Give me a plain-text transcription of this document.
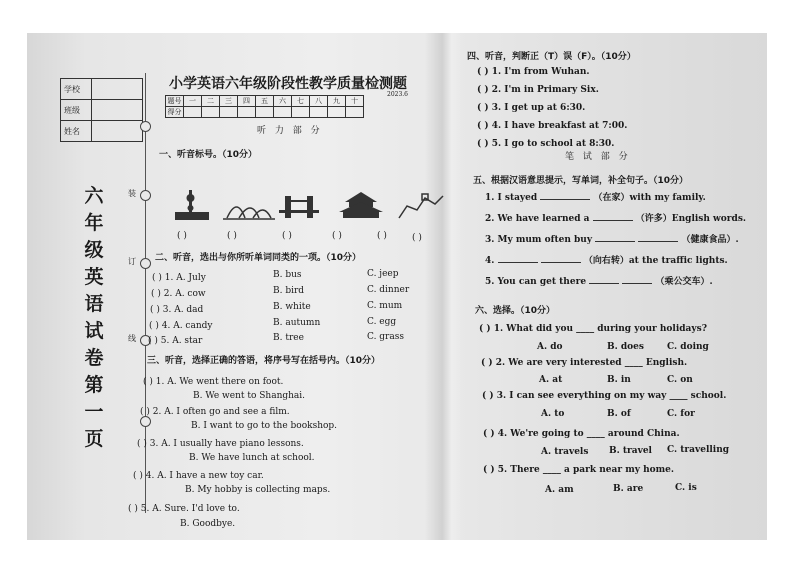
学校	
班级	
姓名	
六
年
级
英
语
试
卷
第
一
页
装
订
线
小学英语六年级阶段性教学质量检测题
2023.6
题号	一	二	三	四	五	六	七	八	九	十
得分										
听 力 部 分
一、听音标号。（10分）
( )	( )	( )	( )	( )	( )
二、听音，选出与你所听单词同类的一项。（10分）
( ) 1. A. July	B. bus	C. jeep
( ) 2. A. cow	B. bird	C. dinner
( ) 3. A. dad	B. white	C. mum
( ) 4. A. candy	B. autumn	C. egg
( ) 5. A. star	B. tree	C. grass
三、听音，选择正确的答语，将序号写在括号内。（10分）
( ) 1. A. We went there on foot.
B. We went to Shanghai.
( ) 2. A. I often go and see a film.
B. I want to go to the bookshop.
( ) 3. A. I usually have piano lessons.
B. We have lunch at school.
( ) 4. A. I have a new toy car.
B. My hobby is collecting maps.
( ) 5. A. Sure. I'd love to.
B. Goodbye.
四、听音，判断正（T）误（F）。（10分）
( ) 1. I'm from Wuhan.
( ) 2. I'm in Primary Six.
( ) 3. I get up at 6:30.
( ) 4. I have breakfast at 7:00.
( ) 5. I go to school at 8:30.
笔 试 部 分
五、根据汉语意思提示，写单词，补全句子。（10分）
1. I stayed	（在家）with my family.
2. We have learned a	（许多）English words.
3. My mum often buy	（健康食品）.
4.	（向右转）at the traffic lights.
5. You can get there	（乘公交车）.
六、选择。（10分）
( ) 1. What did you ____ during your holidays?
A. do	B. does	C. doing
( ) 2. We are very interested ____ English.
A. at	B. in	C. on
( ) 3. I can see everything on my way ____ school.
A. to	B. of	C. for
( ) 4. We're going to ____ around China.
A. travels B. travel C. travelling
( ) 5. There ____ a park near my home.
A. am	B. are	C. is
